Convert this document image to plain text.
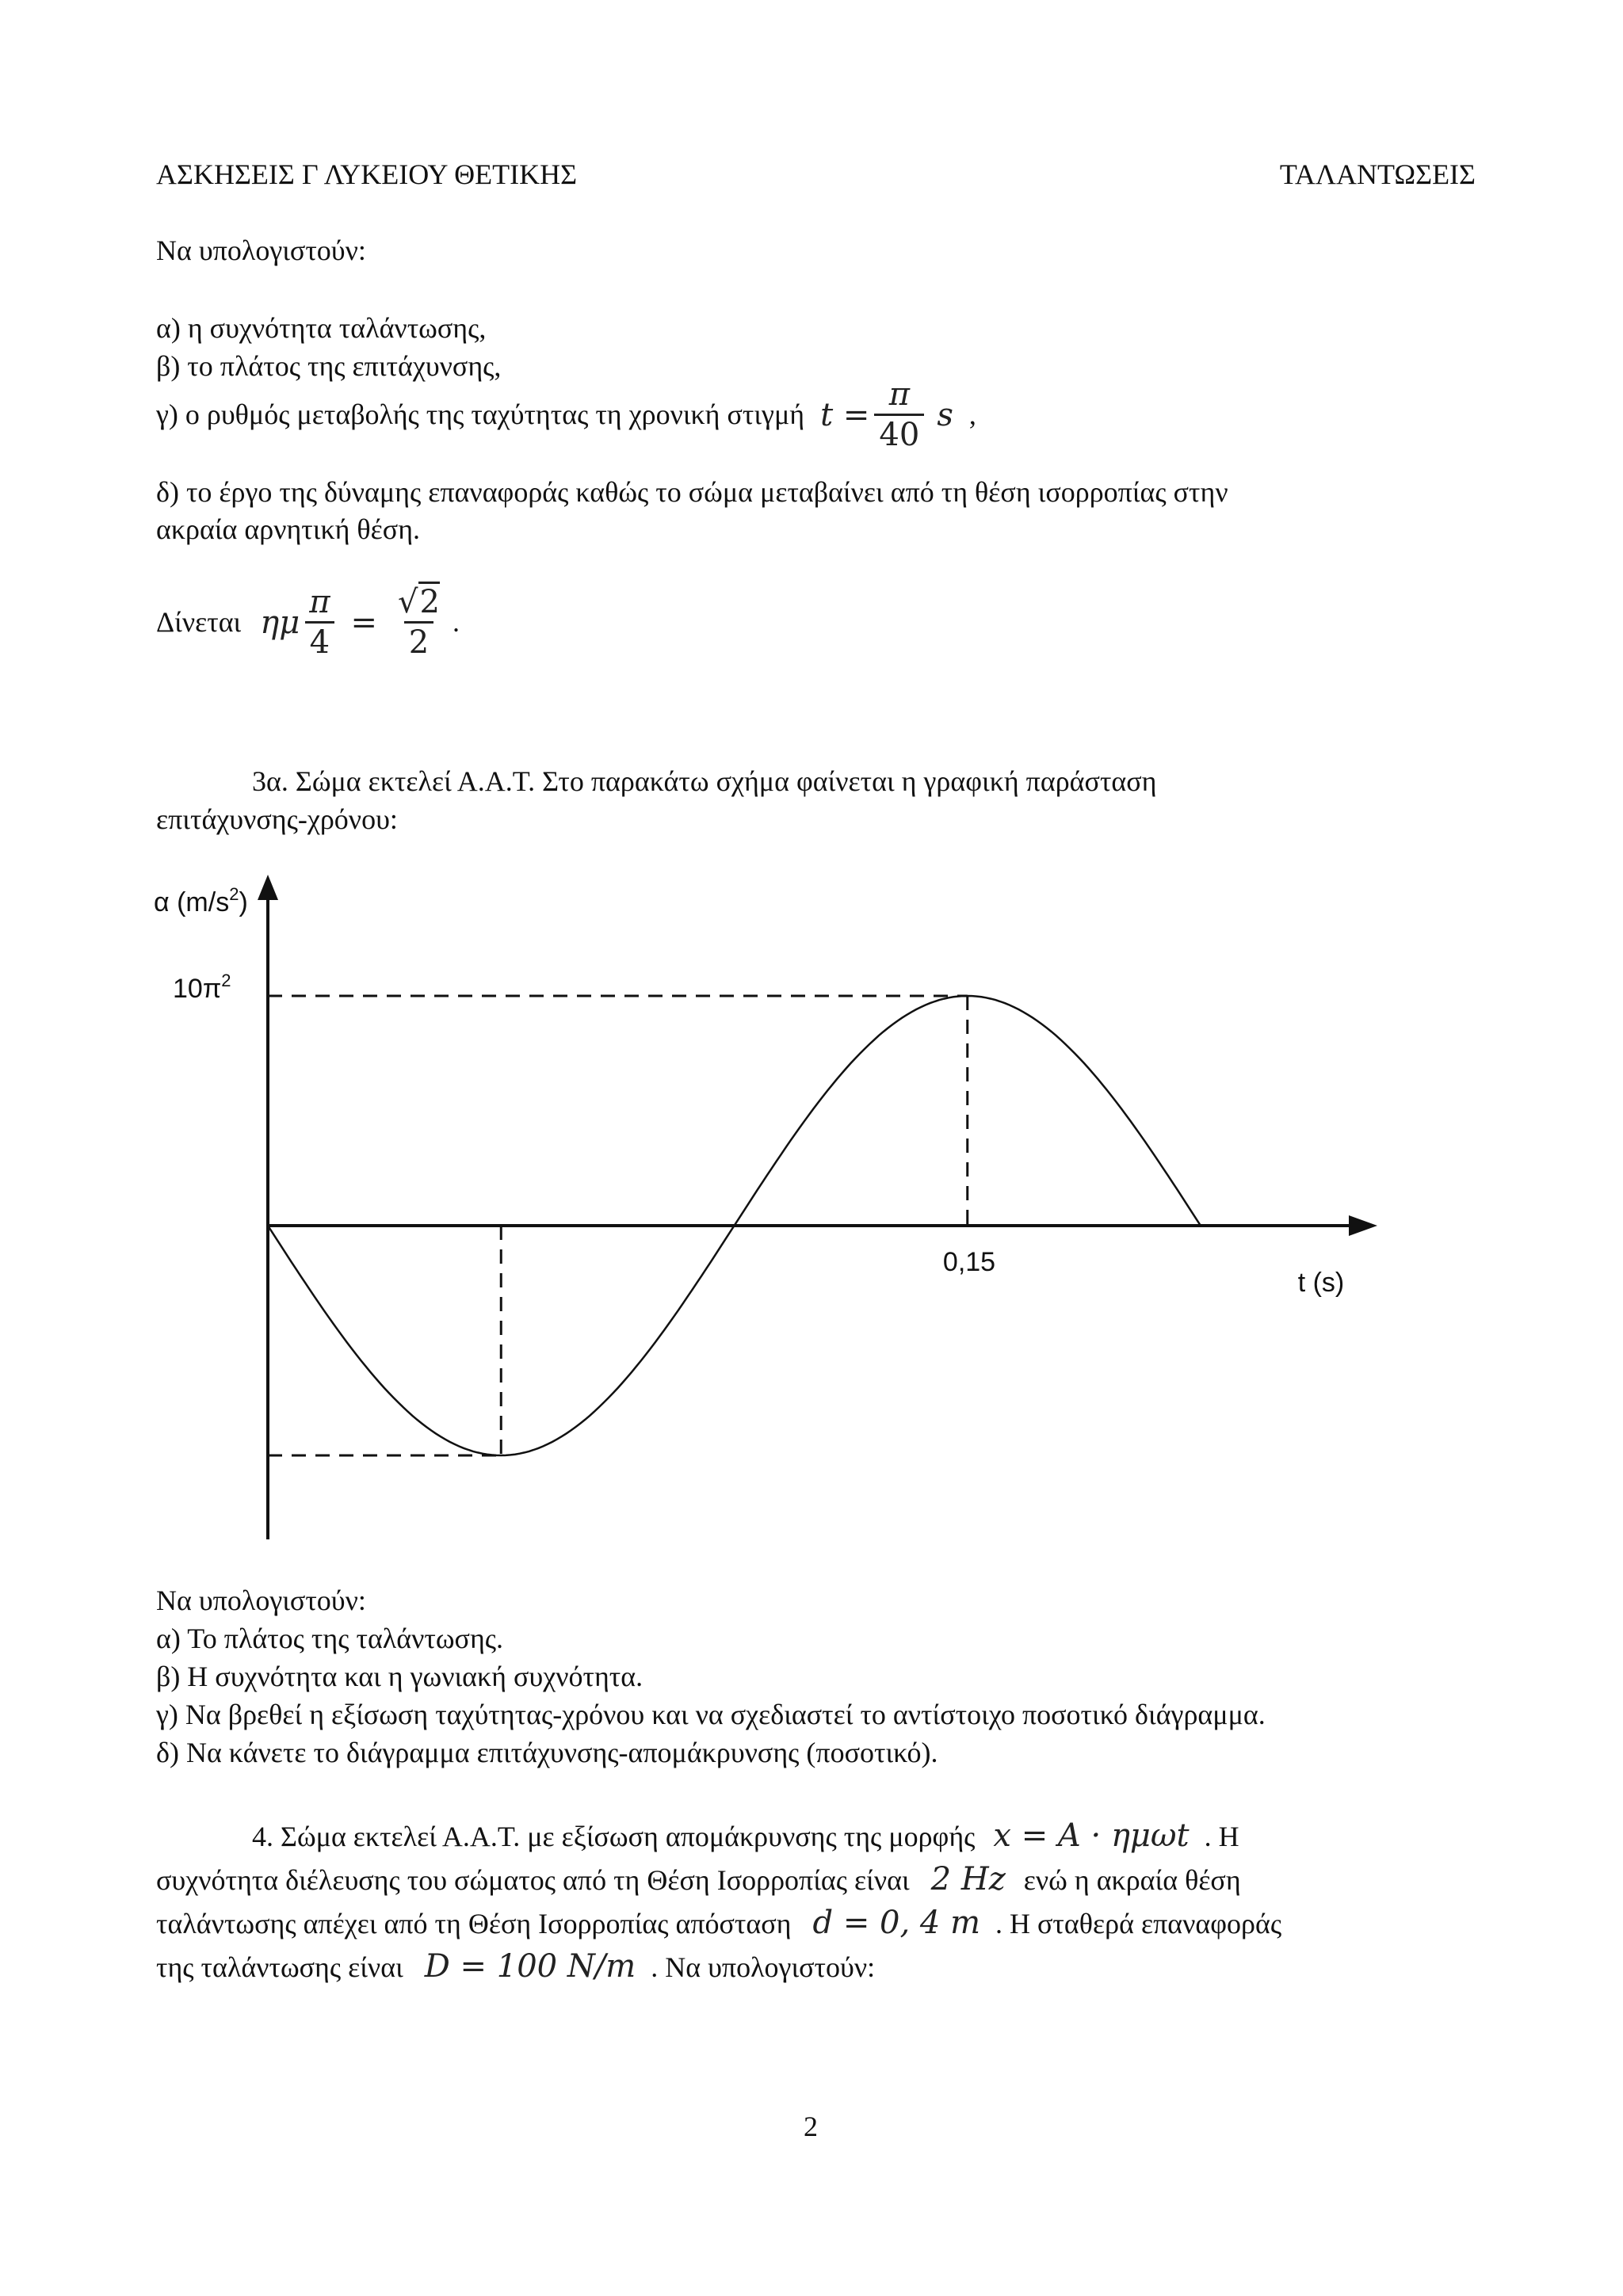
ΑΣΚΗΣΕΙΣ Γ ΛΥΚΕΙΟΥ ΘΕΤΙΚΗΣ	ΤΑΛΑΝΤΩΣΕΙΣ
Να υπολογιστούν:
α) η συχνότητα ταλάντωσης,
β) το πλάτος της επιτάχυνσης,
γ) ο ρυθμός μεταβολής της ταχύτητας τη χρονική στιγμή $t = \frac{\pi}{40}$ s ,
δ) το έργο της δύναμης επαναφοράς καθώς το σώμα μεταβαίνει από τη θέση ισορροπίας στην
ακραία αρνητική θέση.
Δίνεται ημ $\frac{\pi}{4} = \frac{√2}{2}$ .
3α. Σώμα εκτελεί Α.Α.Τ. Στο παρακάτω σχήμα φαίνεται η γραφική παράσταση
επιτάχυνσης-χρόνου:
α $(m/s^2)$
$10\pi^2$
0,15
t (s)
Να υπολογιστούν:
α) Το πλάτος της ταλάντωσης.
β) Η συχνότητα και η γωνιακή συχνότητα.
γ) Να βρεθεί η εξίσωση ταχύτητας-χρόνου και να σχεδιαστεί το αντίστοιχο ποσοτικό διάγραμμα.
δ) Να κάνετε το διάγραμμα επιτάχυνσης-απομάκρυνσης (ποσοτικό).
4. Σώμα εκτελεί Α.Α.Τ. με εξίσωση απομάκρυνσης της μορφής x = A · ημωt . Η
συχνότητα διέλευσης του σώματος από τη Θέση Ισορροπίας είναι 2 Hz ενώ η ακραία θέση
ταλάντωσης απέχει από τη Θέση Ισορροπίας απόσταση d = 0, 4 m . Η σταθερά επαναφοράς
της ταλάντωσης είναι D = 100 N/m . Να υπολογιστούν:
2
